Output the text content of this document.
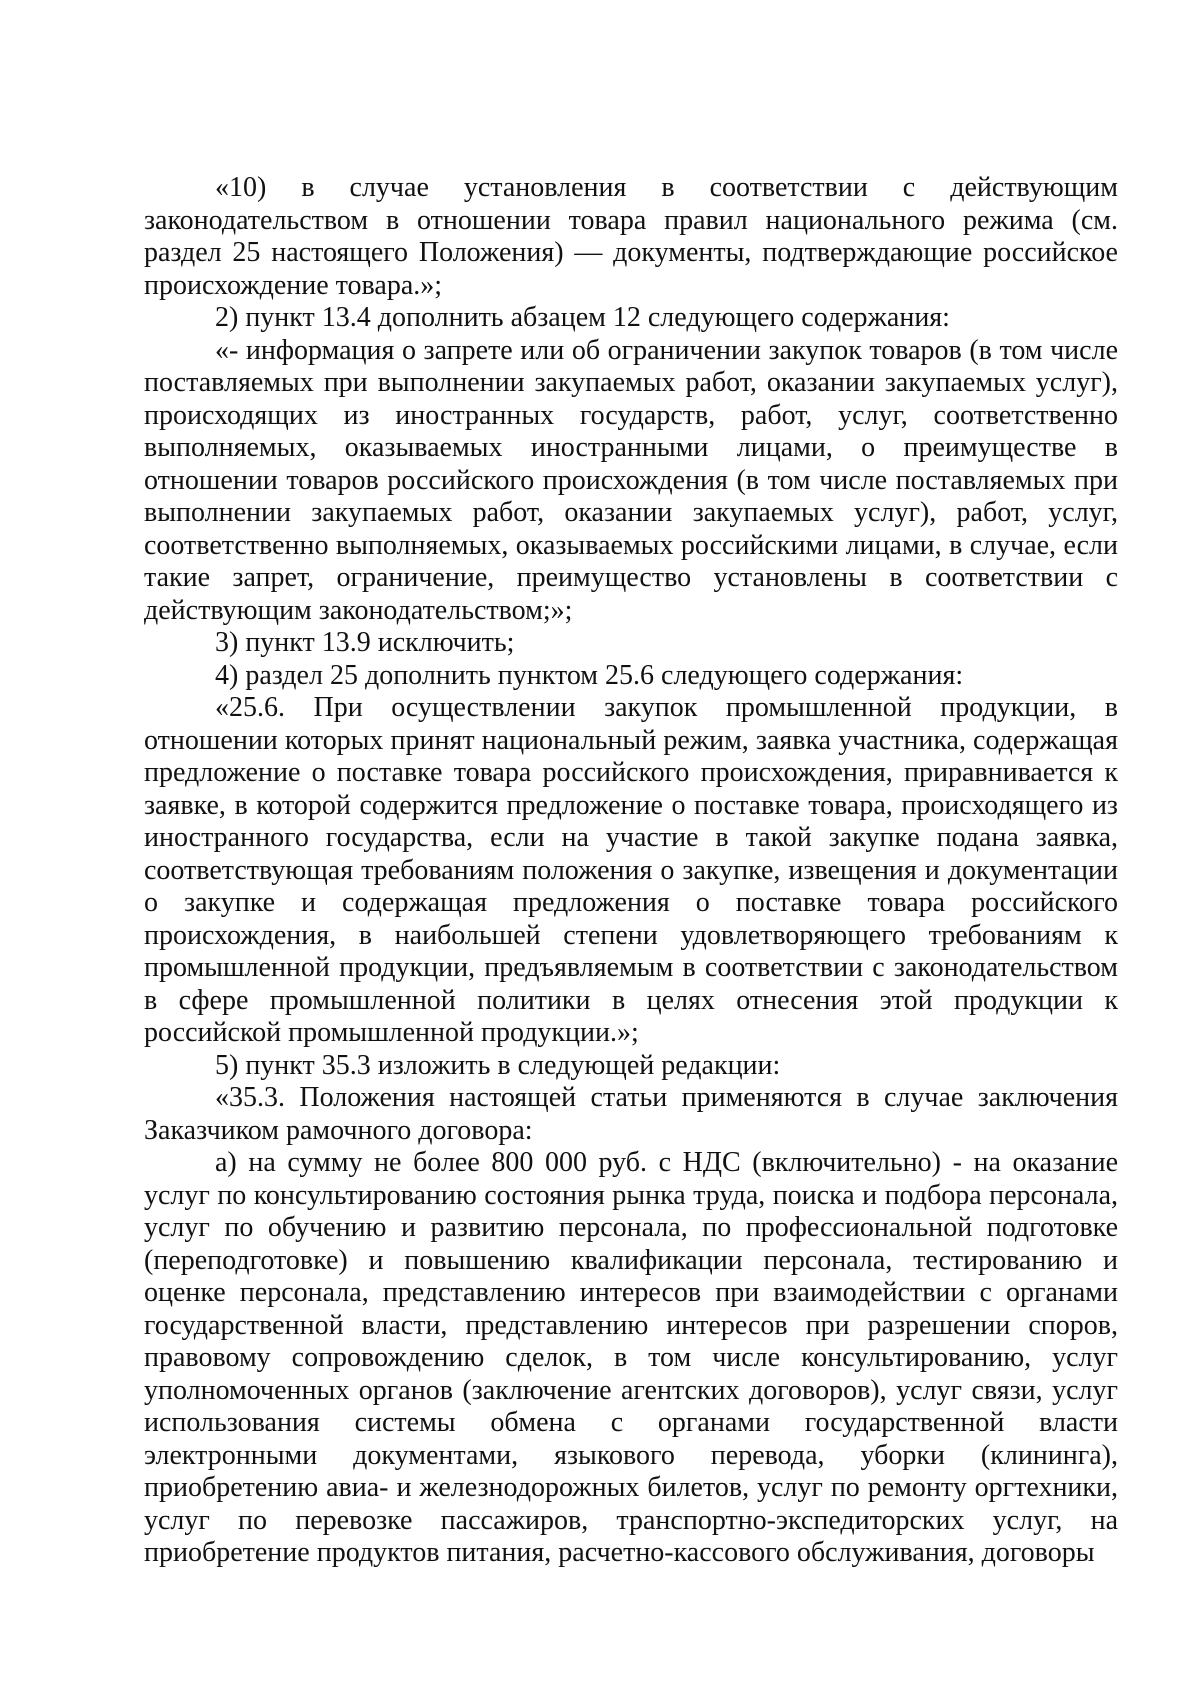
«10) в случае установления в соответствии с действующим законодательством в отношении товара правил национального режима (см. раздел 25 настоящего Положения) — документы, подтверждающие российское происхождение товара.»;

2) пункт 13.4 дополнить абзацем 12 следующего содержания:

«- информация о запрете или об ограничении закупок товаров (в том числе поставляемых при выполнении закупаемых работ, оказании закупаемых услуг), происходящих из иностранных государств, работ, услуг, соответственно выполняемых, оказываемых иностранными лицами, о преимуществе в отношении товаров российского происхождения (в том числе поставляемых при выполнении закупаемых работ, оказании закупаемых услуг), работ, услуг, соответственно выполняемых, оказываемых российскими лицами, в случае, если такие запрет, ограничение, преимущество установлены в соответствии с действующим законодательством;»;

3) пункт 13.9 исключить;

4) раздел 25 дополнить пунктом 25.6 следующего содержания:

«25.6. При осуществлении закупок промышленной продукции, в отношении которых принят национальный режим, заявка участника, содержащая предложение о поставке товара российского происхождения, приравнивается к заявке, в которой содержится предложение о поставке товара, происходящего из иностранного государства, если на участие в такой закупке подана заявка, соответствующая требованиям положения о закупке, извещения и документации о закупке и содержащая предложения о поставке товара российского происхождения, в наибольшей степени удовлетворяющего требованиям к промышленной продукции, предъявляемым в соответствии с законодательством в сфере промышленной политики в целях отнесения этой продукции к российской промышленной продукции.»;

5) пункт 35.3 изложить в следующей редакции:

«35.3. Положения настоящей статьи применяются в случае заключения Заказчиком рамочного договора:

а) на сумму не более 800 000 руб. с НДС (включительно) - на оказание услуг по консультированию состояния рынка труда, поиска и подбора персонала, услуг по обучению и развитию персонала, по профессиональной подготовке (переподготовке) и повышению квалификации персонала, тестированию и оценке персонала, представлению интересов при взаимодействии с органами государственной власти, представлению интересов при разрешении споров, правовому сопровождению сделок, в том числе консультированию, услуг уполномоченных органов (заключение агентских договоров), услуг связи, услуг использования системы обмена с органами государственной власти электронными документами, языкового перевода, уборки (клининга), приобретению авиа- и железнодорожных билетов, услуг по ремонту оргтехники, услуг по перевозке пассажиров, транспортно-экспедиторских услуг, на приобретение продуктов питания, расчетно-кассового обслуживания, договоры
